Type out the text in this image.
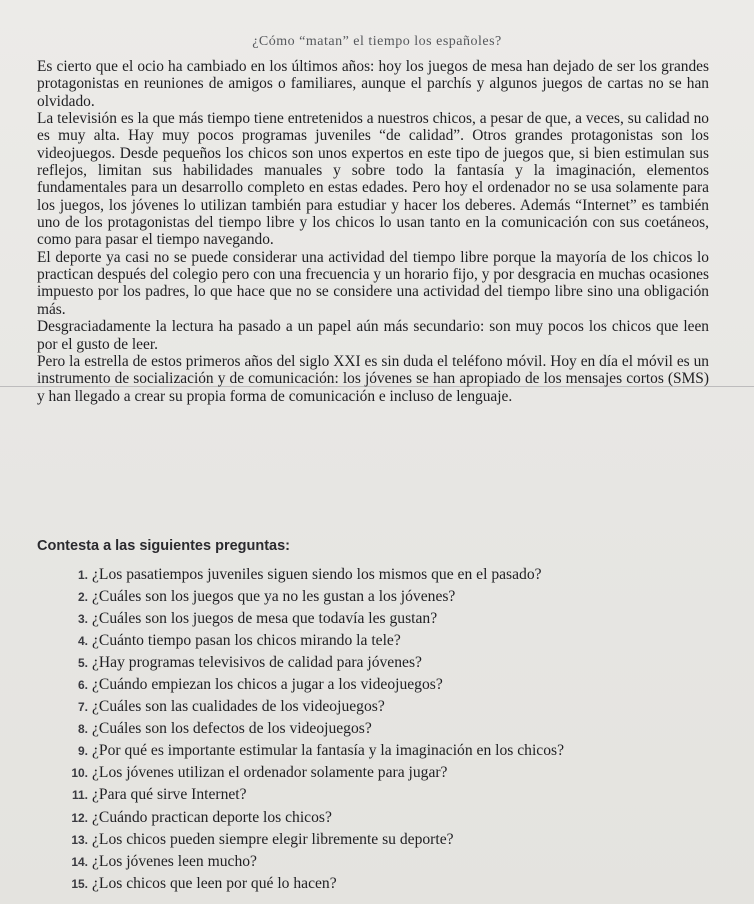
¿Cómo “matan” el tiempo los españoles?

Es cierto que el ocio ha cambiado en los últimos años: hoy los juegos de mesa han dejado de ser los grandes protagonistas en reuniones de amigos o familiares, aunque el parchís y algunos juegos de cartas no se han olvidado.

La televisión es la que más tiempo tiene entretenidos a nuestros chicos, a pesar de que, a veces, su calidad no es muy alta. Hay muy pocos programas juveniles “de calidad”. Otros grandes protagonistas son los videojuegos. Desde pequeños los chicos son unos expertos en este tipo de juegos que, si bien estimulan sus reflejos, limitan sus habilidades manuales y sobre todo la fantasía y la imaginación, elementos fundamentales para un desarrollo completo en estas edades. Pero hoy el ordenador no se usa solamente para los juegos, los jóvenes lo utilizan también para estudiar y hacer los deberes. Además “Internet” es también uno de los protagonistas del tiempo libre y los chicos lo usan tanto en la comunicación con sus coetáneos, como para pasar el tiempo navegando.

El deporte ya casi no se puede considerar una actividad del tiempo libre porque la mayoría de los chicos lo practican después del colegio pero con una frecuencia y un horario fijo, y por desgracia en muchas ocasiones impuesto por los padres, lo que hace que no se considere una actividad del tiempo libre sino una obligación más.

Desgraciadamente la lectura ha pasado a un papel aún más secundario: son muy pocos los chicos que leen por el gusto de leer.

Pero la estrella de estos primeros años del siglo XXI es sin duda el teléfono móvil. Hoy en día el móvil es un instrumento de socialización y de comunicación: los jóvenes se han apropiado de los mensajes cortos (SMS) y han llegado a crear su propia forma de comunicación e incluso de lenguaje.

Contesta a las siguientes preguntas:
1. ¿Los pasatiempos juveniles siguen siendo los mismos que en el pasado?
2. ¿Cuáles son los juegos que ya no les gustan a los jóvenes?
3. ¿Cuáles son los juegos de mesa que todavía les gustan?
4. ¿Cuánto tiempo pasan los chicos mirando la tele?
5. ¿Hay programas televisivos de calidad para jóvenes?
6. ¿Cuándo empiezan los chicos a jugar a los videojuegos?
7. ¿Cuáles son las cualidades de los videojuegos?
8. ¿Cuáles son los defectos de los videojuegos?
9. ¿Por qué es importante estimular la fantasía y la imaginación en los chicos?
10. ¿Los jóvenes utilizan el ordenador solamente para jugar?
11. ¿Para qué sirve Internet?
12. ¿Cuándo practican deporte los chicos?
13. ¿Los chicos pueden siempre elegir libremente su deporte?
14. ¿Los jóvenes leen mucho?
15. ¿Los chicos que leen por qué lo hacen?
